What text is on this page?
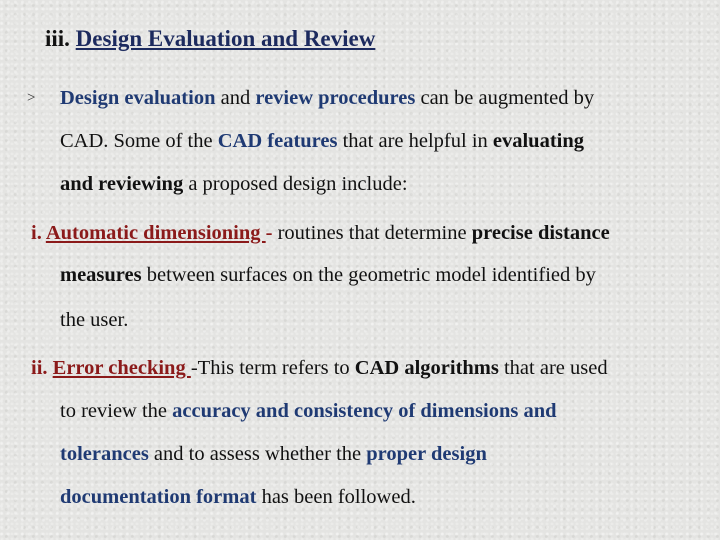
iii. Design Evaluation and Review
> Design evaluation and review procedures can be augmented by
CAD. Some of the CAD features that are helpful in evaluating
and reviewing a proposed design include:
i. Automatic dimensioning - routines that determine precise distance
measures between surfaces on the geometric model identified by
the user.
ii. Error checking -This term refers to CAD algorithms that are used
to review the accuracy and consistency of dimensions and
tolerances and to assess whether the proper design
documentation format has been followed.
